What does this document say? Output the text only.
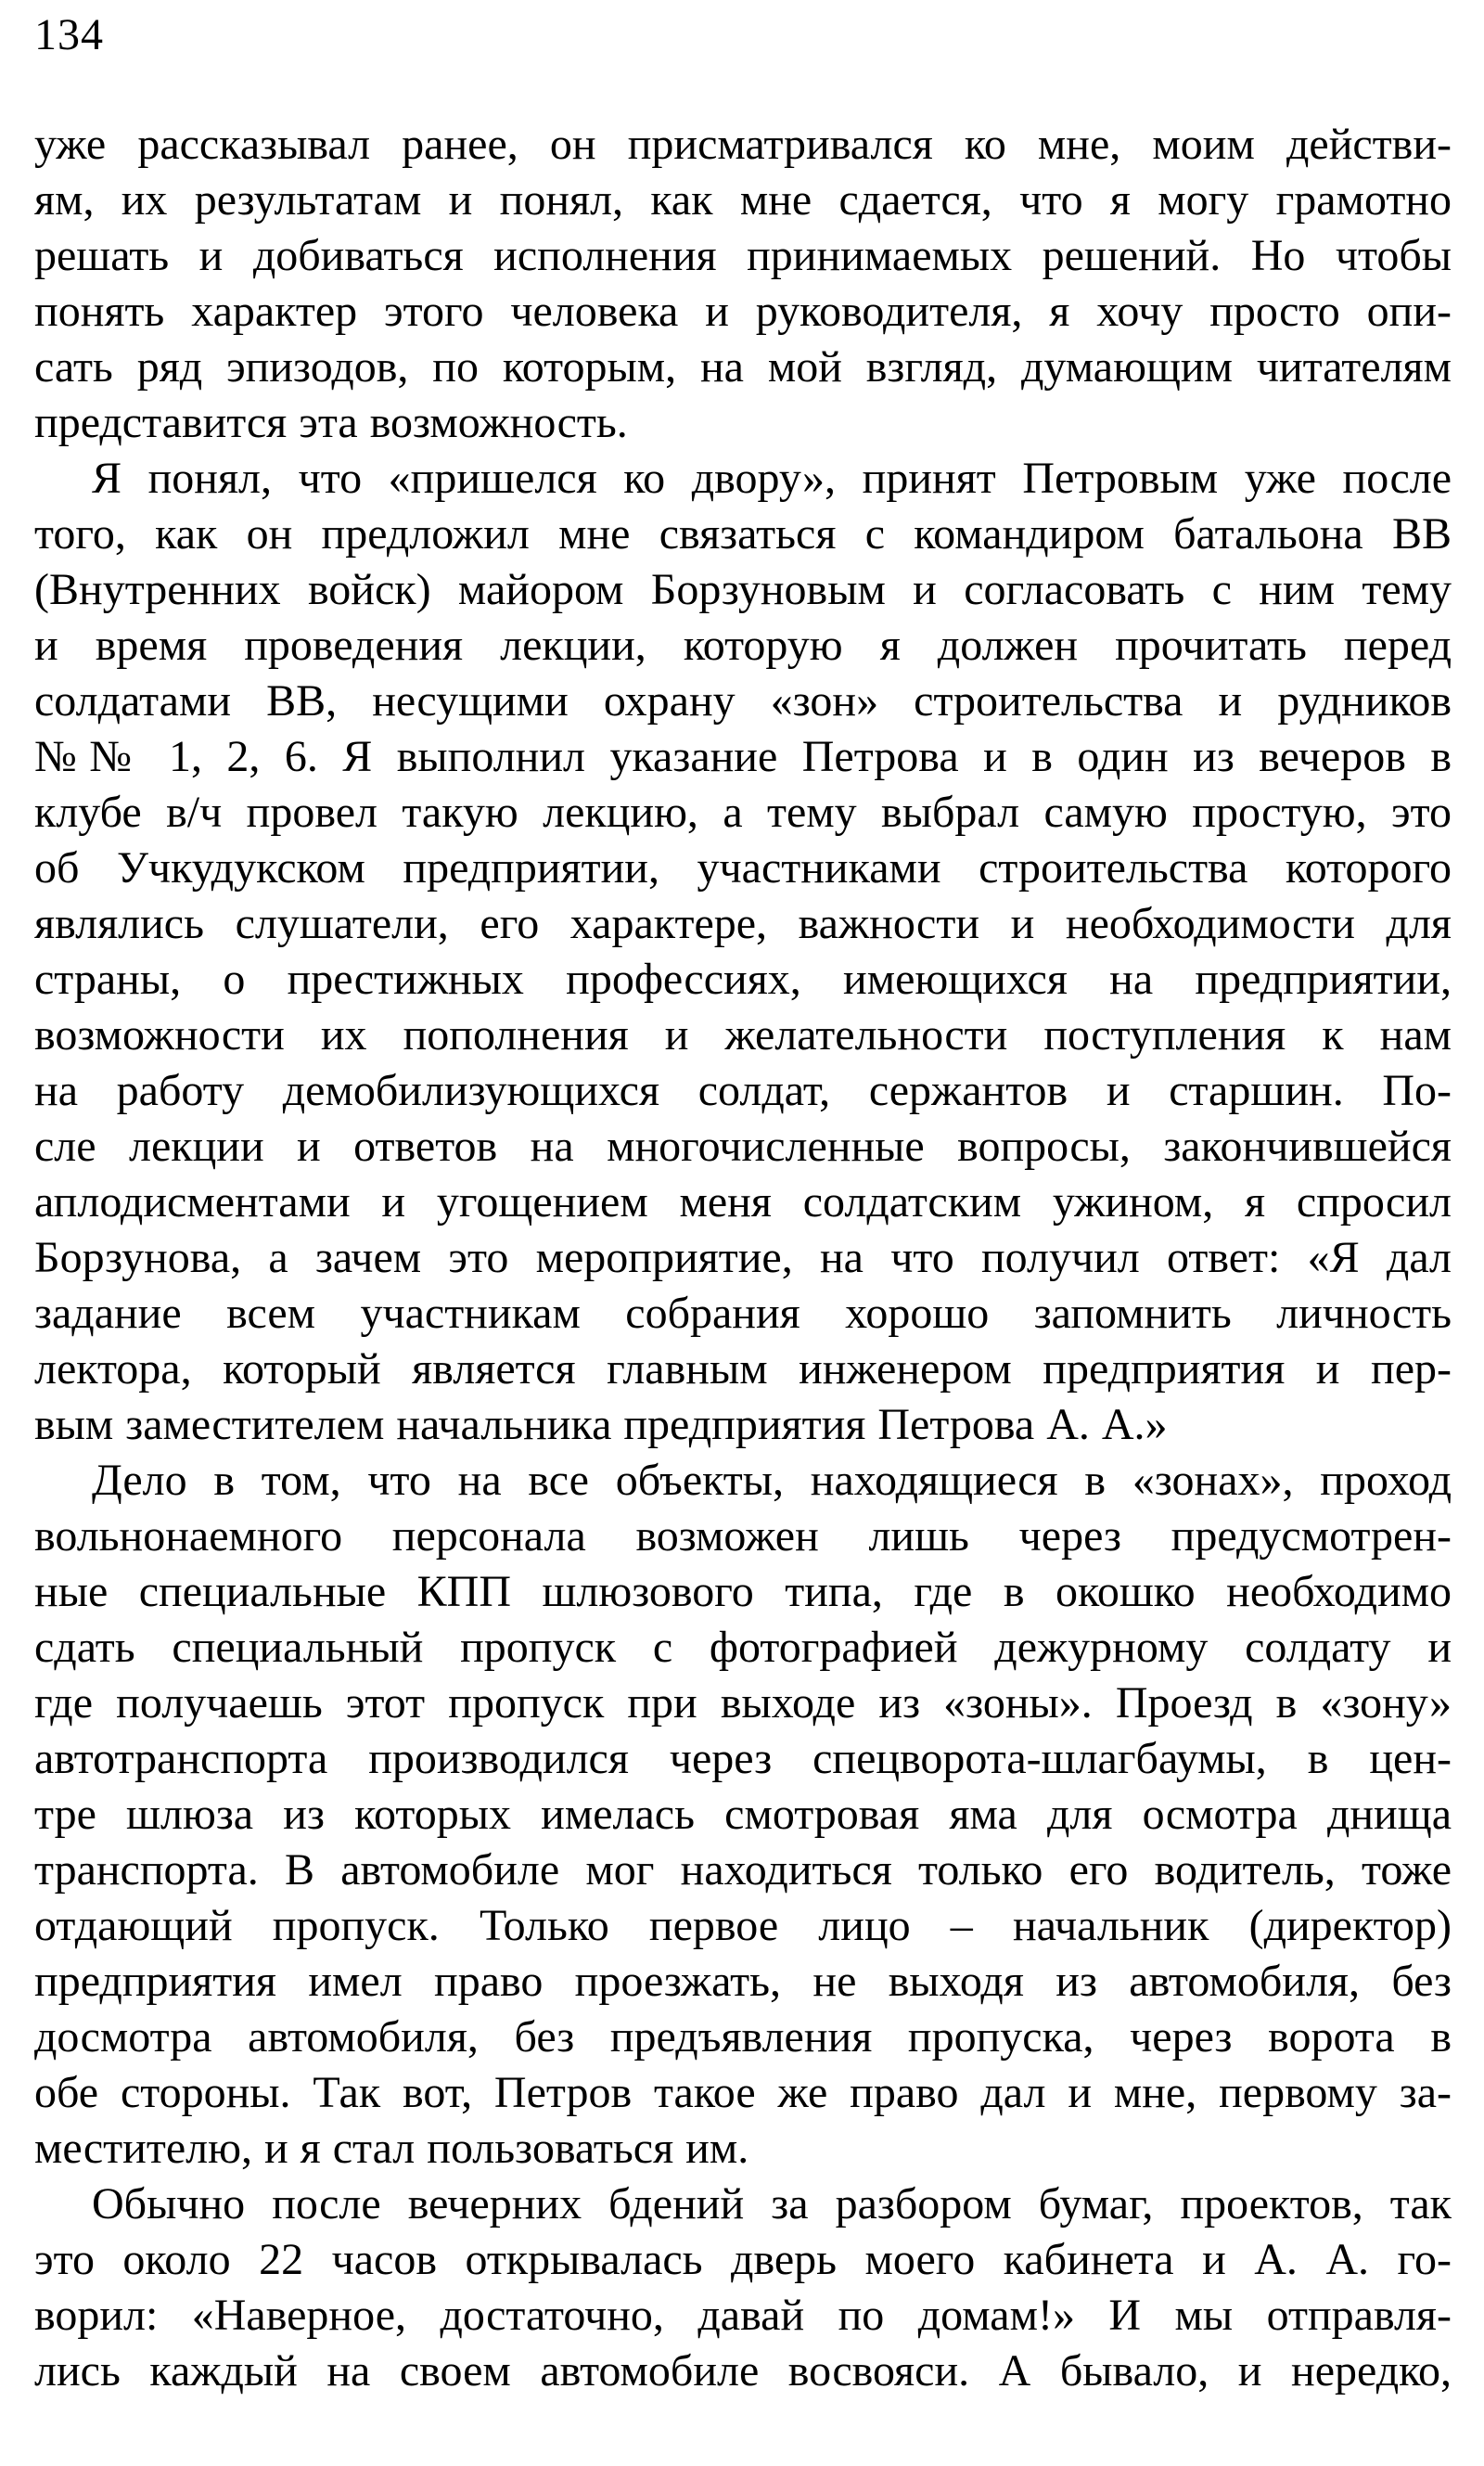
134
уже рассказывал ранее, он присматривался ко мне, моим действи-
ям, их результатам и понял, как мне сдается, что я могу грамотно
решать и добиваться исполнения принимаемых решений. Но чтобы
понять характер этого человека и руководителя, я хочу просто опи-
сать ряд эпизодов, по которым, на мой взгляд, думающим читателям
представится эта возможность.
Я понял, что «пришелся ко двору», принят Петровым уже после
того, как он предложил мне связаться с командиром батальона ВВ
(Внутренних войск) майором Борзуновым и согласовать с ним тему
и время проведения лекции, которую я должен прочитать перед
солдатами ВВ, несущими охрану «зон» строительства и рудников
№№ 1, 2, 6. Я выполнил указание Петрова и в один из вечеров в
клубе в/ч провел такую лекцию, а тему выбрал самую простую, это
об Учкудукском предприятии, участниками строительства которого
являлись слушатели, его характере, важности и необходимости для
страны, о престижных профессиях, имеющихся на предприятии,
возможности их пополнения и желательности поступления к нам
на работу демобилизующихся солдат, сержантов и старшин. По-
сле лекции и ответов на многочисленные вопросы, закончившейся
аплодисментами и угощением меня солдатским ужином, я спросил
Борзунова, а зачем это мероприятие, на что получил ответ: «Я дал
задание всем участникам собрания хорошо запомнить личность
лектора, который является главным инженером предприятия и пер-
вым заместителем начальника предприятия Петрова А. А.»
Дело в том, что на все объекты, находящиеся в «зонах», проход
вольнонаемного персонала возможен лишь через предусмотрен-
ные специальные КПП шлюзового типа, где в окошко необходимо
сдать специальный пропуск с фотографией дежурному солдату и
где получаешь этот пропуск при выходе из «зоны». Проезд в «зону»
автотранспорта производился через спецворота-шлагбаумы, в цен-
тре шлюза из которых имелась смотровая яма для осмотра днища
транспорта. В автомобиле мог находиться только его водитель, тоже
отдающий пропуск. Только первое лицо – начальник (директор)
предприятия имел право проезжать, не выходя из автомобиля, без
досмотра автомобиля, без предъявления пропуска, через ворота в
обе стороны. Так вот, Петров такое же право дал и мне, первому за-
местителю, и я стал пользоваться им.
Обычно после вечерних бдений за разбором бумаг, проектов, так
это около 22 часов открывалась дверь моего кабинета и А. А. го-
ворил: «Наверное, достаточно, давай по домам!» И мы отправля-
лись каждый на своем автомобиле восвояси. А бывало, и нередко,
